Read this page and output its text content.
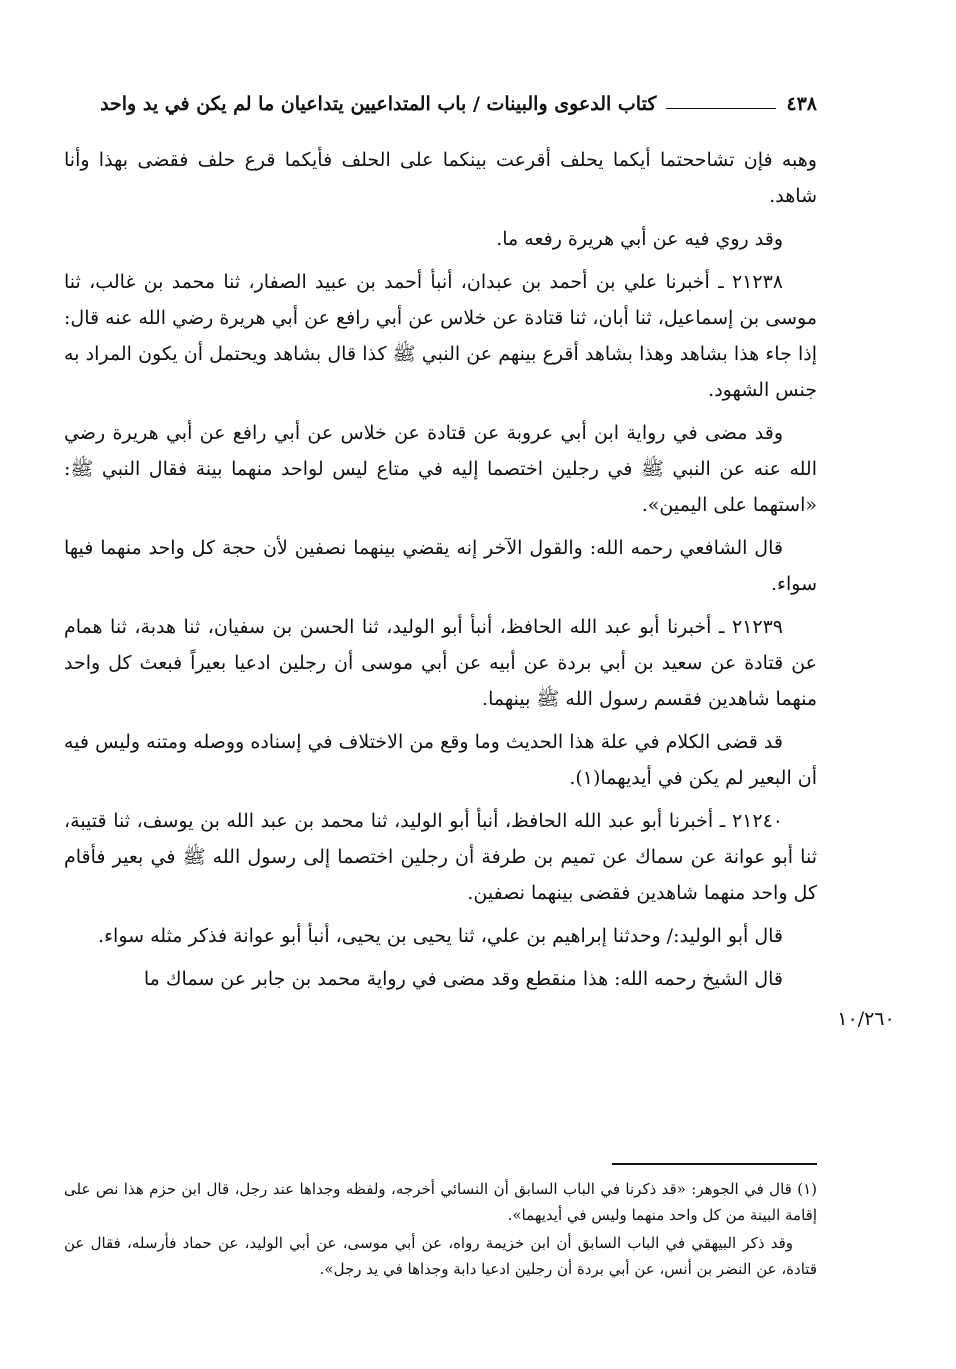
٤٣٨
كتاب الدعوى والبينات / باب المتداعيين يتداعيان ما لم يكن في يد واحد

وهبه فإن تشاححتما أيكما يحلف أقرعت بينكما على الحلف فأيكما قرع حلف فقضى بهذا وأنا شاهد.

وقد روي فيه عن أبي هريرة رفعه ما.

٢١٢٣٨ ـ أخبرنا علي بن أحمد بن عبدان، أنبأ أحمد بن عبيد الصفار، ثنا محمد بن غالب، ثنا موسى بن إسماعيل، ثنا أبان، ثنا قتادة عن خلاس عن أبي رافع عن أبي هريرة رضي الله عنه قال: إذا جاء هذا بشاهد وهذا بشاهد أقرع بينهم عن النبي ﷺ كذا قال بشاهد ويحتمل أن يكون المراد به جنس الشهود.

وقد مضى في رواية ابن أبي عروبة عن قتادة عن خلاس عن أبي رافع عن أبي هريرة رضي الله عنه عن النبي ﷺ في رجلين اختصما إليه في متاع ليس لواحد منهما بينة فقال النبي ﷺ: «استهما على اليمين».

قال الشافعي رحمه الله: والقول الآخر إنه يقضي بينهما نصفين لأن حجة كل واحد منهما فيها سواء.

٢١٢٣٩ ـ أخبرنا أبو عبد الله الحافظ، أنبأ أبو الوليد، ثنا الحسن بن سفيان، ثنا هدبة، ثنا همام عن قتادة عن سعيد بن أبي بردة عن أبيه عن أبي موسى أن رجلين ادعيا بعيراً فبعث كل واحد منهما شاهدين فقسم رسول الله ﷺ بينهما.

قد قضى الكلام في علة هذا الحديث وما وقع من الاختلاف في إسناده ووصله ومتنه وليس فيه أن البعير لم يكن في أيديهما(١).

٢١٢٤٠ ـ أخبرنا أبو عبد الله الحافظ، أنبأ أبو الوليد، ثنا محمد بن عبد الله بن يوسف، ثنا قتيبة، ثنا أبو عوانة عن سماك عن تميم بن طرفة أن رجلين اختصما إلى رسول الله ﷺ في بعير فأقام كل واحد منهما شاهدين فقضى بينهما نصفين.

قال أبو الوليد:/ وحدثنا إبراهيم بن علي، ثنا يحيى بن يحيى، أنبأ أبو عوانة فذكر مثله سواء.

قال الشيخ رحمه الله: هذا منقطع وقد مضى في رواية محمد بن جابر عن سماك ما

١٠/٢٦٠

(١) قال في الجوهر: «قد ذكرنا في الباب السابق أن النسائي أخرجه، ولفظه وجداها عند رجل، قال ابن حزم هذا نص على إقامة البينة من كل واحد منهما وليس في أيديهما».

وقد ذكر البيهقي في الباب السابق أن ابن خزيمة رواه، عن أبي موسى، عن أبي الوليد، عن حماد فأرسله، فقال عن قتادة، عن النضر بن أنس، عن أبي بردة أن رجلين ادعيا دابة وجداها في يد رجل».
